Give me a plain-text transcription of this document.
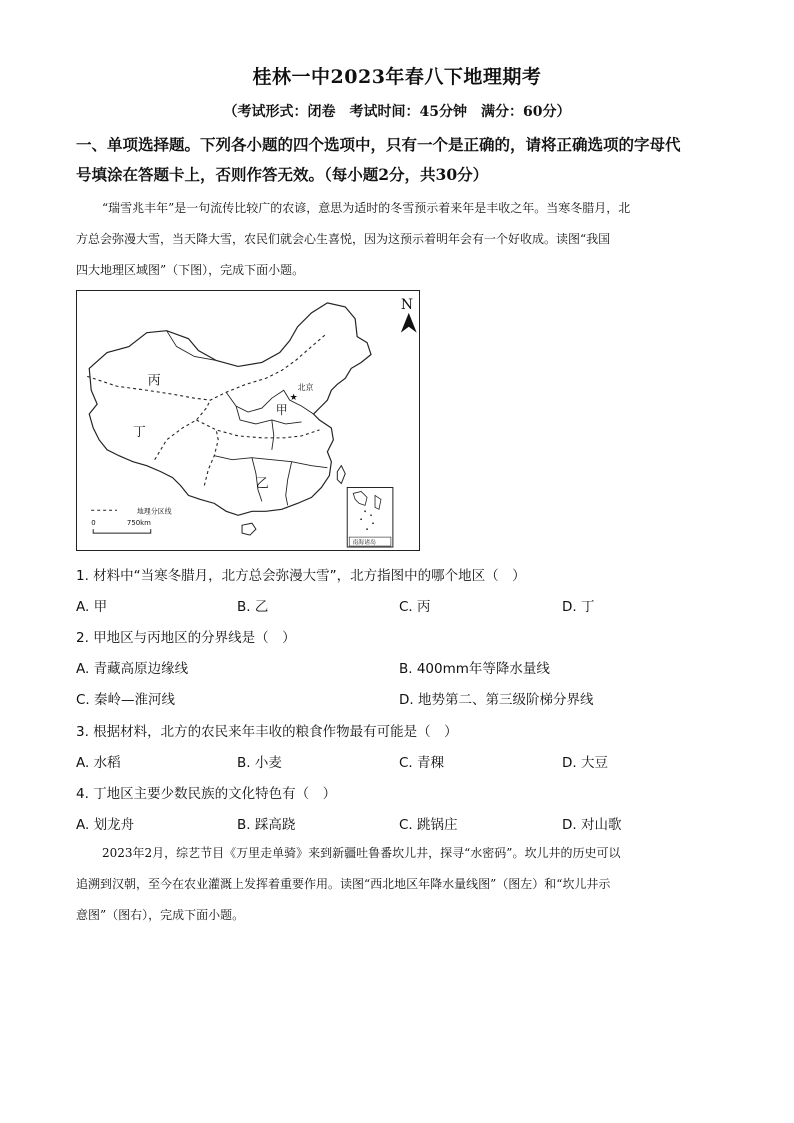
桂林一中2023年春八下地理期考
（考试形式：闭卷　考试时间：45分钟　满分：60分）
一、单项选择题。下列各小题的四个选项中，只有一个是正确的，请将正确选项的字母代
号填涂在答题卡上，否则作答无效。（每小题2分，共30分）
“瑞雪兆丰年”是一句流传比较广的农谚，意思为适时的冬雪预示着来年是丰收之年。当寒冬腊月，北
方总会弥漫大雪，当天降大雪，农民们就会心生喜悦，因为这预示着明年会有一个好收成。读图“我国
四大地理区域图”（下图），完成下面小题。
丙
丁
甲
乙
★
北京
N
地理分区线
0	750km
南海诸岛
1. 材料中“当寒冬腊月，北方总会弥漫大雪”，北方指图中的哪个地区（　）
A. 甲	B. 乙	C. 丙	D. 丁
2. 甲地区与丙地区的分界线是（　）
A. 青藏高原边缘线	B. 400mm年等降水量线
C. 秦岭—淮河线	D. 地势第二、第三级阶梯分界线
3. 根据材料，北方的农民来年丰收的粮食作物最有可能是（　）
A. 水稻	B. 小麦	C. 青稞	D. 大豆
4. 丁地区主要少数民族的文化特色有（　）
A. 划龙舟	B. 踩高跷	C. 跳锅庄	D. 对山歌
2023年2月，综艺节目《万里走单骑》来到新疆吐鲁番坎儿井，探寻“水密码”。坎儿井的历史可以
追溯到汉朝，至今在农业灌溉上发挥着重要作用。读图“西北地区年降水量线图”（图左）和“坎儿井示
意图”（图右），完成下面小题。
